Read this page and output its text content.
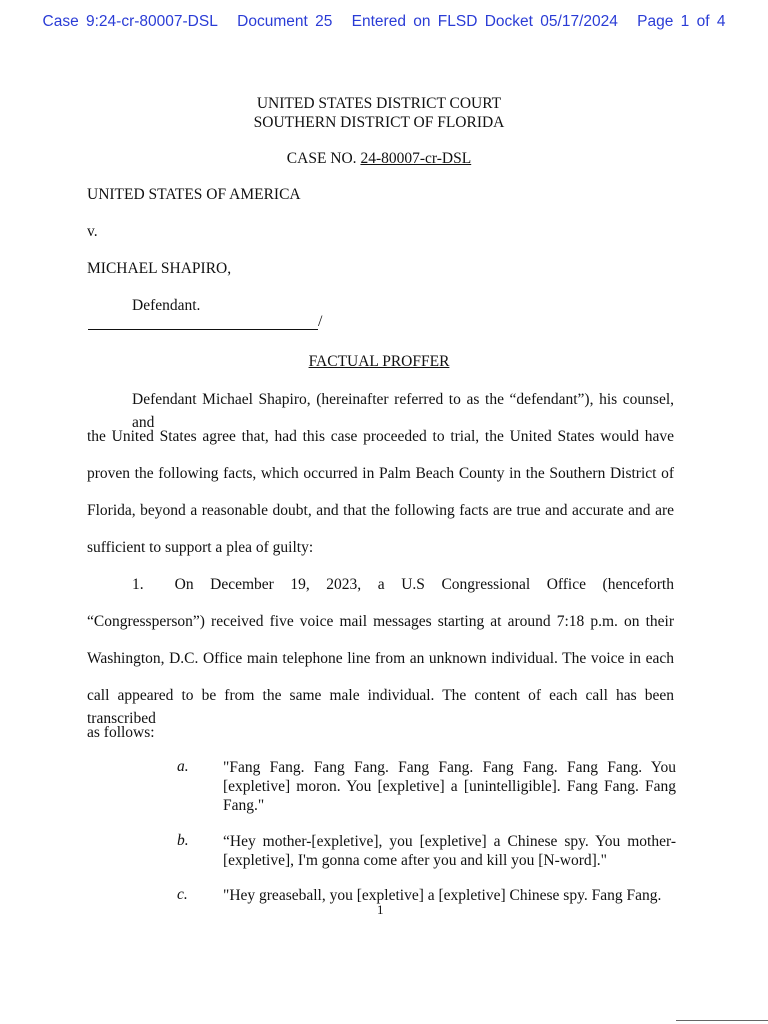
Case 9:24-cr-80007-DSL Document 25 Entered on FLSD Docket 05/17/2024 Page 1 of 4
UNITED STATES DISTRICT COURT
SOUTHERN DISTRICT OF FLORIDA
CASE NO. 24-80007-cr-DSL
UNITED STATES OF AMERICA
v.
MICHAEL SHAPIRO,
Defendant.
/
FACTUAL PROFFER
Defendant Michael Shapiro, (hereinafter referred to as the “defendant”), his counsel, and
the United States agree that, had this case proceeded to trial, the United States would have
proven the following facts, which occurred in Palm Beach County in the Southern District of
Florida, beyond a reasonable doubt, and that the following facts are true and accurate and are
sufficient to support a plea of guilty:
1.  On December 19, 2023, a U.S Congressional Office (henceforth
“Congressperson”) received five voice mail messages starting at around 7:18 p.m. on their
Washington, D.C. Office main telephone line from an unknown individual. The voice in each
call appeared to be from the same male individual. The content of each call has been transcribed
as follows:
a. "Fang Fang. Fang Fang. Fang Fang. Fang Fang. Fang Fang. You [expletive] moron. You [expletive] a [unintelligible]. Fang Fang. Fang Fang."
b. “Hey mother-[expletive], you [expletive] a Chinese spy. You mother-[expletive], I'm gonna come after you and kill you [N-word]."
c. "Hey greaseball, you [expletive] a [expletive] Chinese spy. Fang Fang.
1
